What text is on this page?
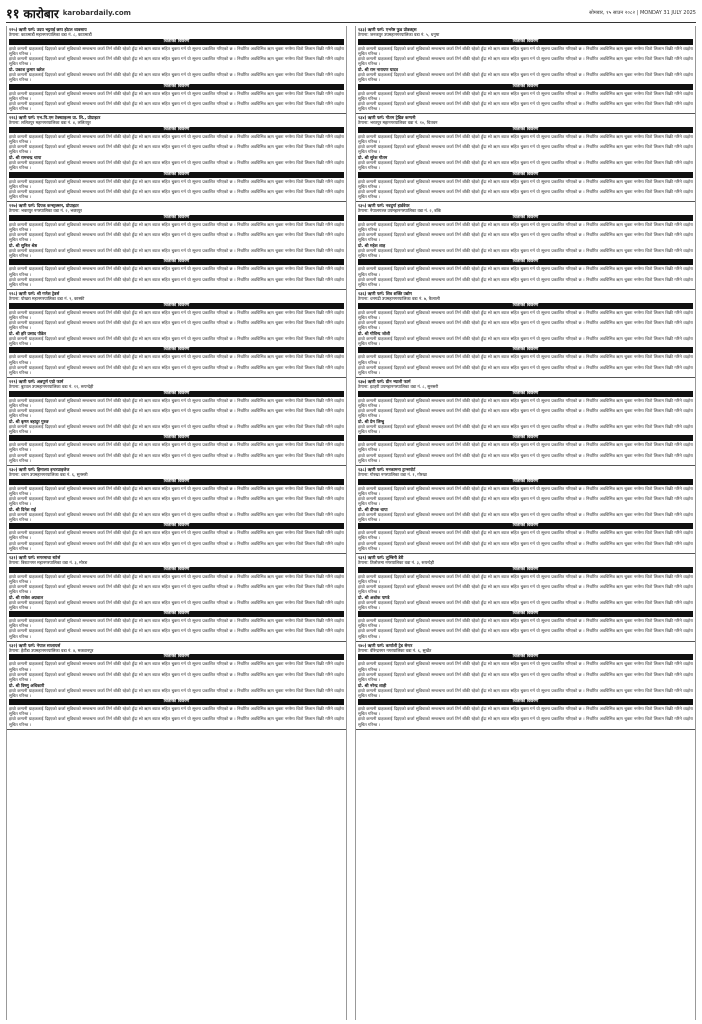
११ कारोबार karobardaily.com	सोमबार, १५ साउन २०८२ | MONDAY 31 JULY 2025
१२५) ऋणी फर्म: उदय भट्टराई छाप होटल व्यवसाय
ठेगाना: काठमाडौं महानगरपालिका वडा नं. ८, काठमाडौं
धितोको विवरण

हाम्रो कम्पनी ग्राहकलाई दिइएको कर्जा सुविधाको सम्बन्धमा कर्जा तिर्न बाँकी रहेको हुँदा सो ऋण ब्याज सहित चुक्ता गर्न यो सूचना प्रकाशित गरिएको छ । निर्धारित अवधिभित्र ऋण चुक्ता नगरेमा धितो लिलाम बिक्री गरिने व्यहोरा सूचित गरिन्छ ।

हाम्रो कम्पनी ग्राहकलाई दिइएको कर्जा सुविधाको सम्बन्धमा कर्जा तिर्न बाँकी रहेको हुँदा सो ऋण ब्याज सहित चुक्ता गर्न यो सूचना प्रकाशित गरिएको छ । निर्धारित अवधिभित्र ऋण चुक्ता नगरेमा धितो लिलाम बिक्री गरिने व्यहोरा सूचित गरिन्छ ।

प्रो. प्रकाश कुमार खरेल

हाम्रो कम्पनी ग्राहकलाई दिइएको कर्जा सुविधाको सम्बन्धमा कर्जा तिर्न बाँकी रहेको हुँदा सो ऋण ब्याज सहित चुक्ता गर्न यो सूचना प्रकाशित गरिएको छ । निर्धारित अवधिभित्र ऋण चुक्ता नगरेमा धितो लिलाम बिक्री गरिने व्यहोरा सूचित गरिन्छ ।

धितोको विवरण

हाम्रो कम्पनी ग्राहकलाई दिइएको कर्जा सुविधाको सम्बन्धमा कर्जा तिर्न बाँकी रहेको हुँदा सो ऋण ब्याज सहित चुक्ता गर्न यो सूचना प्रकाशित गरिएको छ । निर्धारित अवधिभित्र ऋण चुक्ता नगरेमा धितो लिलाम बिक्री गरिने व्यहोरा सूचित गरिन्छ ।

हाम्रो कम्पनी ग्राहकलाई दिइएको कर्जा सुविधाको सम्बन्धमा कर्जा तिर्न बाँकी रहेको हुँदा सो ऋण ब्याज सहित चुक्ता गर्न यो सूचना प्रकाशित गरिएको छ । निर्धारित अवधिभित्र ऋण चुक्ता नगरेमा धितो लिलाम बिक्री गरिने व्यहोरा सूचित गरिन्छ ।

१२६) ऋणी फर्म: एभ.पि.एम टेक्स्टाइल्स प्रा. लि., प्रोप्राइटर
ठेगाना: ललितपुर महानगरपालिका वडा नं. ४, ललितपुर
धितोको विवरण

हाम्रो कम्पनी ग्राहकलाई दिइएको कर्जा सुविधाको सम्बन्धमा कर्जा तिर्न बाँकी रहेको हुँदा सो ऋण ब्याज सहित चुक्ता गर्न यो सूचना प्रकाशित गरिएको छ । निर्धारित अवधिभित्र ऋण चुक्ता नगरेमा धितो लिलाम बिक्री गरिने व्यहोरा सूचित गरिन्छ ।

हाम्रो कम्पनी ग्राहकलाई दिइएको कर्जा सुविधाको सम्बन्धमा कर्जा तिर्न बाँकी रहेको हुँदा सो ऋण ब्याज सहित चुक्ता गर्न यो सूचना प्रकाशित गरिएको छ । निर्धारित अवधिभित्र ऋण चुक्ता नगरेमा धितो लिलाम बिक्री गरिने व्यहोरा सूचित गरिन्छ ।

प्रो. श्री रामचन्द्र थापा

हाम्रो कम्पनी ग्राहकलाई दिइएको कर्जा सुविधाको सम्बन्धमा कर्जा तिर्न बाँकी रहेको हुँदा सो ऋण ब्याज सहित चुक्ता गर्न यो सूचना प्रकाशित गरिएको छ । निर्धारित अवधिभित्र ऋण चुक्ता नगरेमा धितो लिलाम बिक्री गरिने व्यहोरा सूचित गरिन्छ ।

धितोको विवरण

हाम्रो कम्पनी ग्राहकलाई दिइएको कर्जा सुविधाको सम्बन्धमा कर्जा तिर्न बाँकी रहेको हुँदा सो ऋण ब्याज सहित चुक्ता गर्न यो सूचना प्रकाशित गरिएको छ । निर्धारित अवधिभित्र ऋण चुक्ता नगरेमा धितो लिलाम बिक्री गरिने व्यहोरा सूचित गरिन्छ ।

हाम्रो कम्पनी ग्राहकलाई दिइएको कर्जा सुविधाको सम्बन्धमा कर्जा तिर्न बाँकी रहेको हुँदा सो ऋण ब्याज सहित चुक्ता गर्न यो सूचना प्रकाशित गरिएको छ । निर्धारित अवधिभित्र ऋण चुक्ता नगरेमा धितो लिलाम बिक्री गरिने व्यहोरा सूचित गरिन्छ ।

१२७) ऋणी फर्म: दिपक कन्स्ट्रक्सन, प्रोप्राइटर
ठेगाना: भक्तपुर नगरपालिका वडा नं. २, भक्तपुर
धितोको विवरण

हाम्रो कम्पनी ग्राहकलाई दिइएको कर्जा सुविधाको सम्बन्धमा कर्जा तिर्न बाँकी रहेको हुँदा सो ऋण ब्याज सहित चुक्ता गर्न यो सूचना प्रकाशित गरिएको छ । निर्धारित अवधिभित्र ऋण चुक्ता नगरेमा धितो लिलाम बिक्री गरिने व्यहोरा सूचित गरिन्छ ।

हाम्रो कम्पनी ग्राहकलाई दिइएको कर्जा सुविधाको सम्बन्धमा कर्जा तिर्न बाँकी रहेको हुँदा सो ऋण ब्याज सहित चुक्ता गर्न यो सूचना प्रकाशित गरिएको छ । निर्धारित अवधिभित्र ऋण चुक्ता नगरेमा धितो लिलाम बिक्री गरिने व्यहोरा सूचित गरिन्छ ।

प्रो. श्री सुनिल श्रेष्ठ

हाम्रो कम्पनी ग्राहकलाई दिइएको कर्जा सुविधाको सम्बन्धमा कर्जा तिर्न बाँकी रहेको हुँदा सो ऋण ब्याज सहित चुक्ता गर्न यो सूचना प्रकाशित गरिएको छ । निर्धारित अवधिभित्र ऋण चुक्ता नगरेमा धितो लिलाम बिक्री गरिने व्यहोरा सूचित गरिन्छ ।

धितोको विवरण

हाम्रो कम्पनी ग्राहकलाई दिइएको कर्जा सुविधाको सम्बन्धमा कर्जा तिर्न बाँकी रहेको हुँदा सो ऋण ब्याज सहित चुक्ता गर्न यो सूचना प्रकाशित गरिएको छ । निर्धारित अवधिभित्र ऋण चुक्ता नगरेमा धितो लिलाम बिक्री गरिने व्यहोरा सूचित गरिन्छ ।

हाम्रो कम्पनी ग्राहकलाई दिइएको कर्जा सुविधाको सम्बन्धमा कर्जा तिर्न बाँकी रहेको हुँदा सो ऋण ब्याज सहित चुक्ता गर्न यो सूचना प्रकाशित गरिएको छ । निर्धारित अवधिभित्र ऋण चुक्ता नगरेमा धितो लिलाम बिक्री गरिने व्यहोरा सूचित गरिन्छ ।

१२८) ऋणी फर्म: श्री गणेश ट्रेडर्स
ठेगाना: पोखरा महानगरपालिका वडा नं. ९, कास्की
धितोको विवरण

हाम्रो कम्पनी ग्राहकलाई दिइएको कर्जा सुविधाको सम्बन्धमा कर्जा तिर्न बाँकी रहेको हुँदा सो ऋण ब्याज सहित चुक्ता गर्न यो सूचना प्रकाशित गरिएको छ । निर्धारित अवधिभित्र ऋण चुक्ता नगरेमा धितो लिलाम बिक्री गरिने व्यहोरा सूचित गरिन्छ ।

हाम्रो कम्पनी ग्राहकलाई दिइएको कर्जा सुविधाको सम्बन्धमा कर्जा तिर्न बाँकी रहेको हुँदा सो ऋण ब्याज सहित चुक्ता गर्न यो सूचना प्रकाशित गरिएको छ । निर्धारित अवधिभित्र ऋण चुक्ता नगरेमा धितो लिलाम बिक्री गरिने व्यहोरा सूचित गरिन्छ ।

प्रो. श्री हरि प्रसाद पौडेल

हाम्रो कम्पनी ग्राहकलाई दिइएको कर्जा सुविधाको सम्बन्धमा कर्जा तिर्न बाँकी रहेको हुँदा सो ऋण ब्याज सहित चुक्ता गर्न यो सूचना प्रकाशित गरिएको छ । निर्धारित अवधिभित्र ऋण चुक्ता नगरेमा धितो लिलाम बिक्री गरिने व्यहोरा सूचित गरिन्छ ।

धितोको विवरण

हाम्रो कम्पनी ग्राहकलाई दिइएको कर्जा सुविधाको सम्बन्धमा कर्जा तिर्न बाँकी रहेको हुँदा सो ऋण ब्याज सहित चुक्ता गर्न यो सूचना प्रकाशित गरिएको छ । निर्धारित अवधिभित्र ऋण चुक्ता नगरेमा धितो लिलाम बिक्री गरिने व्यहोरा सूचित गरिन्छ ।

हाम्रो कम्पनी ग्राहकलाई दिइएको कर्जा सुविधाको सम्बन्धमा कर्जा तिर्न बाँकी रहेको हुँदा सो ऋण ब्याज सहित चुक्ता गर्न यो सूचना प्रकाशित गरिएको छ । निर्धारित अवधिभित्र ऋण चुक्ता नगरेमा धितो लिलाम बिक्री गरिने व्यहोरा सूचित गरिन्छ ।

१२९) ऋणी फर्म: अन्नपूर्ण एग्रो फार्म
ठेगाना: बुटवल उपमहानगरपालिका वडा नं. ११, रूपन्देही
धितोको विवरण

हाम्रो कम्पनी ग्राहकलाई दिइएको कर्जा सुविधाको सम्बन्धमा कर्जा तिर्न बाँकी रहेको हुँदा सो ऋण ब्याज सहित चुक्ता गर्न यो सूचना प्रकाशित गरिएको छ । निर्धारित अवधिभित्र ऋण चुक्ता नगरेमा धितो लिलाम बिक्री गरिने व्यहोरा सूचित गरिन्छ ।

हाम्रो कम्पनी ग्राहकलाई दिइएको कर्जा सुविधाको सम्बन्धमा कर्जा तिर्न बाँकी रहेको हुँदा सो ऋण ब्याज सहित चुक्ता गर्न यो सूचना प्रकाशित गरिएको छ । निर्धारित अवधिभित्र ऋण चुक्ता नगरेमा धितो लिलाम बिक्री गरिने व्यहोरा सूचित गरिन्छ ।

प्रो. श्री कृष्ण बहादुर गुरुङ

हाम्रो कम्पनी ग्राहकलाई दिइएको कर्जा सुविधाको सम्बन्धमा कर्जा तिर्न बाँकी रहेको हुँदा सो ऋण ब्याज सहित चुक्ता गर्न यो सूचना प्रकाशित गरिएको छ । निर्धारित अवधिभित्र ऋण चुक्ता नगरेमा धितो लिलाम बिक्री गरिने व्यहोरा सूचित गरिन्छ ।

धितोको विवरण

हाम्रो कम्पनी ग्राहकलाई दिइएको कर्जा सुविधाको सम्बन्धमा कर्जा तिर्न बाँकी रहेको हुँदा सो ऋण ब्याज सहित चुक्ता गर्न यो सूचना प्रकाशित गरिएको छ । निर्धारित अवधिभित्र ऋण चुक्ता नगरेमा धितो लिलाम बिक्री गरिने व्यहोरा सूचित गरिन्छ ।

हाम्रो कम्पनी ग्राहकलाई दिइएको कर्जा सुविधाको सम्बन्धमा कर्जा तिर्न बाँकी रहेको हुँदा सो ऋण ब्याज सहित चुक्ता गर्न यो सूचना प्रकाशित गरिएको छ । निर्धारित अवधिभित्र ऋण चुक्ता नगरेमा धितो लिलाम बिक्री गरिने व्यहोरा सूचित गरिन्छ ।

१३०) ऋणी फर्म: हिमालय इन्टरप्राइजेज
ठेगाना: धरान उपमहानगरपालिका वडा नं. ६, सुनसरी
धितोको विवरण

हाम्रो कम्पनी ग्राहकलाई दिइएको कर्जा सुविधाको सम्बन्धमा कर्जा तिर्न बाँकी रहेको हुँदा सो ऋण ब्याज सहित चुक्ता गर्न यो सूचना प्रकाशित गरिएको छ । निर्धारित अवधिभित्र ऋण चुक्ता नगरेमा धितो लिलाम बिक्री गरिने व्यहोरा सूचित गरिन्छ ।

हाम्रो कम्पनी ग्राहकलाई दिइएको कर्जा सुविधाको सम्बन्धमा कर्जा तिर्न बाँकी रहेको हुँदा सो ऋण ब्याज सहित चुक्ता गर्न यो सूचना प्रकाशित गरिएको छ । निर्धारित अवधिभित्र ऋण चुक्ता नगरेमा धितो लिलाम बिक्री गरिने व्यहोरा सूचित गरिन्छ ।

प्रो. श्री दिनेश राई

हाम्रो कम्पनी ग्राहकलाई दिइएको कर्जा सुविधाको सम्बन्धमा कर्जा तिर्न बाँकी रहेको हुँदा सो ऋण ब्याज सहित चुक्ता गर्न यो सूचना प्रकाशित गरिएको छ । निर्धारित अवधिभित्र ऋण चुक्ता नगरेमा धितो लिलाम बिक्री गरिने व्यहोरा सूचित गरिन्छ ।

धितोको विवरण

हाम्रो कम्पनी ग्राहकलाई दिइएको कर्जा सुविधाको सम्बन्धमा कर्जा तिर्न बाँकी रहेको हुँदा सो ऋण ब्याज सहित चुक्ता गर्न यो सूचना प्रकाशित गरिएको छ । निर्धारित अवधिभित्र ऋण चुक्ता नगरेमा धितो लिलाम बिक्री गरिने व्यहोरा सूचित गरिन्छ ।

हाम्रो कम्पनी ग्राहकलाई दिइएको कर्जा सुविधाको सम्बन्धमा कर्जा तिर्न बाँकी रहेको हुँदा सो ऋण ब्याज सहित चुक्ता गर्न यो सूचना प्रकाशित गरिएको छ । निर्धारित अवधिभित्र ऋण चुक्ता नगरेमा धितो लिलाम बिक्री गरिने व्यहोरा सूचित गरिन्छ ।

१३१) ऋणी फर्म: सगरमाथा स्टोर्स
ठेगाना: बिराटनगर महानगरपालिका वडा नं. ३, मोरङ
धितोको विवरण

हाम्रो कम्पनी ग्राहकलाई दिइएको कर्जा सुविधाको सम्बन्धमा कर्जा तिर्न बाँकी रहेको हुँदा सो ऋण ब्याज सहित चुक्ता गर्न यो सूचना प्रकाशित गरिएको छ । निर्धारित अवधिभित्र ऋण चुक्ता नगरेमा धितो लिलाम बिक्री गरिने व्यहोरा सूचित गरिन्छ ।

हाम्रो कम्पनी ग्राहकलाई दिइएको कर्जा सुविधाको सम्बन्धमा कर्जा तिर्न बाँकी रहेको हुँदा सो ऋण ब्याज सहित चुक्ता गर्न यो सूचना प्रकाशित गरिएको छ । निर्धारित अवधिभित्र ऋण चुक्ता नगरेमा धितो लिलाम बिक्री गरिने व्यहोरा सूचित गरिन्छ ।

प्रो. श्री राजेश अग्रवाल

हाम्रो कम्पनी ग्राहकलाई दिइएको कर्जा सुविधाको सम्बन्धमा कर्जा तिर्न बाँकी रहेको हुँदा सो ऋण ब्याज सहित चुक्ता गर्न यो सूचना प्रकाशित गरिएको छ । निर्धारित अवधिभित्र ऋण चुक्ता नगरेमा धितो लिलाम बिक्री गरिने व्यहोरा सूचित गरिन्छ ।

धितोको विवरण

हाम्रो कम्पनी ग्राहकलाई दिइएको कर्जा सुविधाको सम्बन्धमा कर्जा तिर्न बाँकी रहेको हुँदा सो ऋण ब्याज सहित चुक्ता गर्न यो सूचना प्रकाशित गरिएको छ । निर्धारित अवधिभित्र ऋण चुक्ता नगरेमा धितो लिलाम बिक्री गरिने व्यहोरा सूचित गरिन्छ ।

हाम्रो कम्पनी ग्राहकलाई दिइएको कर्जा सुविधाको सम्बन्धमा कर्जा तिर्न बाँकी रहेको हुँदा सो ऋण ब्याज सहित चुक्ता गर्न यो सूचना प्रकाशित गरिएको छ । निर्धारित अवधिभित्र ऋण चुक्ता नगरेमा धितो लिलाम बिक्री गरिने व्यहोरा सूचित गरिन्छ ।

१३२) ऋणी फर्म: नेपाल सप्लायर्स
ठेगाना: हेटौंडा उपमहानगरपालिका वडा नं. ४, मकवानपुर
धितोको विवरण

हाम्रो कम्पनी ग्राहकलाई दिइएको कर्जा सुविधाको सम्बन्धमा कर्जा तिर्न बाँकी रहेको हुँदा सो ऋण ब्याज सहित चुक्ता गर्न यो सूचना प्रकाशित गरिएको छ । निर्धारित अवधिभित्र ऋण चुक्ता नगरेमा धितो लिलाम बिक्री गरिने व्यहोरा सूचित गरिन्छ ।

हाम्रो कम्पनी ग्राहकलाई दिइएको कर्जा सुविधाको सम्बन्धमा कर्जा तिर्न बाँकी रहेको हुँदा सो ऋण ब्याज सहित चुक्ता गर्न यो सूचना प्रकाशित गरिएको छ । निर्धारित अवधिभित्र ऋण चुक्ता नगरेमा धितो लिलाम बिक्री गरिने व्यहोरा सूचित गरिन्छ ।

प्रो. श्री विष्णु अधिकारी

हाम्रो कम्पनी ग्राहकलाई दिइएको कर्जा सुविधाको सम्बन्धमा कर्जा तिर्न बाँकी रहेको हुँदा सो ऋण ब्याज सहित चुक्ता गर्न यो सूचना प्रकाशित गरिएको छ । निर्धारित अवधिभित्र ऋण चुक्ता नगरेमा धितो लिलाम बिक्री गरिने व्यहोरा सूचित गरिन्छ ।

धितोको विवरण

हाम्रो कम्पनी ग्राहकलाई दिइएको कर्जा सुविधाको सम्बन्धमा कर्जा तिर्न बाँकी रहेको हुँदा सो ऋण ब्याज सहित चुक्ता गर्न यो सूचना प्रकाशित गरिएको छ । निर्धारित अवधिभित्र ऋण चुक्ता नगरेमा धितो लिलाम बिक्री गरिने व्यहोरा सूचित गरिन्छ ।

हाम्रो कम्पनी ग्राहकलाई दिइएको कर्जा सुविधाको सम्बन्धमा कर्जा तिर्न बाँकी रहेको हुँदा सो ऋण ब्याज सहित चुक्ता गर्न यो सूचना प्रकाशित गरिएको छ । निर्धारित अवधिभित्र ऋण चुक्ता नगरेमा धितो लिलाम बिक्री गरिने व्यहोरा सूचित गरिन्छ ।

१३३) ऋणी फर्म: एभरेष्ट फुड प्रोडक्ट्स
ठेगाना: जनकपुर उपमहानगरपालिका वडा नं. ५, धनुषा
धितोको विवरण

हाम्रो कम्पनी ग्राहकलाई दिइएको कर्जा सुविधाको सम्बन्धमा कर्जा तिर्न बाँकी रहेको हुँदा सो ऋण ब्याज सहित चुक्ता गर्न यो सूचना प्रकाशित गरिएको छ । निर्धारित अवधिभित्र ऋण चुक्ता नगरेमा धितो लिलाम बिक्री गरिने व्यहोरा सूचित गरिन्छ ।

हाम्रो कम्पनी ग्राहकलाई दिइएको कर्जा सुविधाको सम्बन्धमा कर्जा तिर्न बाँकी रहेको हुँदा सो ऋण ब्याज सहित चुक्ता गर्न यो सूचना प्रकाशित गरिएको छ । निर्धारित अवधिभित्र ऋण चुक्ता नगरेमा धितो लिलाम बिक्री गरिने व्यहोरा सूचित गरिन्छ ।

प्रो. श्री राम नारायण यादव

हाम्रो कम्पनी ग्राहकलाई दिइएको कर्जा सुविधाको सम्बन्धमा कर्जा तिर्न बाँकी रहेको हुँदा सो ऋण ब्याज सहित चुक्ता गर्न यो सूचना प्रकाशित गरिएको छ । निर्धारित अवधिभित्र ऋण चुक्ता नगरेमा धितो लिलाम बिक्री गरिने व्यहोरा सूचित गरिन्छ ।

धितोको विवरण

हाम्रो कम्पनी ग्राहकलाई दिइएको कर्जा सुविधाको सम्बन्धमा कर्जा तिर्न बाँकी रहेको हुँदा सो ऋण ब्याज सहित चुक्ता गर्न यो सूचना प्रकाशित गरिएको छ । निर्धारित अवधिभित्र ऋण चुक्ता नगरेमा धितो लिलाम बिक्री गरिने व्यहोरा सूचित गरिन्छ ।

हाम्रो कम्पनी ग्राहकलाई दिइएको कर्जा सुविधाको सम्बन्धमा कर्जा तिर्न बाँकी रहेको हुँदा सो ऋण ब्याज सहित चुक्ता गर्न यो सूचना प्रकाशित गरिएको छ । निर्धारित अवधिभित्र ऋण चुक्ता नगरेमा धितो लिलाम बिक्री गरिने व्यहोरा सूचित गरिन्छ ।

१३४) ऋणी फर्म: गौतम ट्रेडिङ कम्पनी
ठेगाना: भरतपुर महानगरपालिका वडा नं. १०, चितवन
धितोको विवरण

हाम्रो कम्पनी ग्राहकलाई दिइएको कर्जा सुविधाको सम्बन्धमा कर्जा तिर्न बाँकी रहेको हुँदा सो ऋण ब्याज सहित चुक्ता गर्न यो सूचना प्रकाशित गरिएको छ । निर्धारित अवधिभित्र ऋण चुक्ता नगरेमा धितो लिलाम बिक्री गरिने व्यहोरा सूचित गरिन्छ ।

हाम्रो कम्पनी ग्राहकलाई दिइएको कर्जा सुविधाको सम्बन्धमा कर्जा तिर्न बाँकी रहेको हुँदा सो ऋण ब्याज सहित चुक्ता गर्न यो सूचना प्रकाशित गरिएको छ । निर्धारित अवधिभित्र ऋण चुक्ता नगरेमा धितो लिलाम बिक्री गरिने व्यहोरा सूचित गरिन्छ ।

प्रो. श्री सुरेश गौतम

हाम्रो कम्पनी ग्राहकलाई दिइएको कर्जा सुविधाको सम्बन्धमा कर्जा तिर्न बाँकी रहेको हुँदा सो ऋण ब्याज सहित चुक्ता गर्न यो सूचना प्रकाशित गरिएको छ । निर्धारित अवधिभित्र ऋण चुक्ता नगरेमा धितो लिलाम बिक्री गरिने व्यहोरा सूचित गरिन्छ ।

धितोको विवरण

हाम्रो कम्पनी ग्राहकलाई दिइएको कर्जा सुविधाको सम्बन्धमा कर्जा तिर्न बाँकी रहेको हुँदा सो ऋण ब्याज सहित चुक्ता गर्न यो सूचना प्रकाशित गरिएको छ । निर्धारित अवधिभित्र ऋण चुक्ता नगरेमा धितो लिलाम बिक्री गरिने व्यहोरा सूचित गरिन्छ ।

हाम्रो कम्पनी ग्राहकलाई दिइएको कर्जा सुविधाको सम्बन्धमा कर्जा तिर्न बाँकी रहेको हुँदा सो ऋण ब्याज सहित चुक्ता गर्न यो सूचना प्रकाशित गरिएको छ । निर्धारित अवधिभित्र ऋण चुक्ता नगरेमा धितो लिलाम बिक्री गरिने व्यहोरा सूचित गरिन्छ ।

१३५) ऋणी फर्म: नवदुर्गा हार्डवेयर
ठेगाना: नेपालगञ्ज उपमहानगरपालिका वडा नं. २, बाँके
धितोको विवरण

हाम्रो कम्पनी ग्राहकलाई दिइएको कर्जा सुविधाको सम्बन्धमा कर्जा तिर्न बाँकी रहेको हुँदा सो ऋण ब्याज सहित चुक्ता गर्न यो सूचना प्रकाशित गरिएको छ । निर्धारित अवधिभित्र ऋण चुक्ता नगरेमा धितो लिलाम बिक्री गरिने व्यहोरा सूचित गरिन्छ ।

हाम्रो कम्पनी ग्राहकलाई दिइएको कर्जा सुविधाको सम्बन्धमा कर्जा तिर्न बाँकी रहेको हुँदा सो ऋण ब्याज सहित चुक्ता गर्न यो सूचना प्रकाशित गरिएको छ । निर्धारित अवधिभित्र ऋण चुक्ता नगरेमा धितो लिलाम बिक्री गरिने व्यहोरा सूचित गरिन्छ ।

प्रो. श्री महेश शाह

हाम्रो कम्पनी ग्राहकलाई दिइएको कर्जा सुविधाको सम्बन्धमा कर्जा तिर्न बाँकी रहेको हुँदा सो ऋण ब्याज सहित चुक्ता गर्न यो सूचना प्रकाशित गरिएको छ । निर्धारित अवधिभित्र ऋण चुक्ता नगरेमा धितो लिलाम बिक्री गरिने व्यहोरा सूचित गरिन्छ ।

धितोको विवरण

हाम्रो कम्पनी ग्राहकलाई दिइएको कर्जा सुविधाको सम्बन्धमा कर्जा तिर्न बाँकी रहेको हुँदा सो ऋण ब्याज सहित चुक्ता गर्न यो सूचना प्रकाशित गरिएको छ । निर्धारित अवधिभित्र ऋण चुक्ता नगरेमा धितो लिलाम बिक्री गरिने व्यहोरा सूचित गरिन्छ ।

हाम्रो कम्पनी ग्राहकलाई दिइएको कर्जा सुविधाको सम्बन्धमा कर्जा तिर्न बाँकी रहेको हुँदा सो ऋण ब्याज सहित चुक्ता गर्न यो सूचना प्रकाशित गरिएको छ । निर्धारित अवधिभित्र ऋण चुक्ता नगरेमा धितो लिलाम बिक्री गरिने व्यहोरा सूचित गरिन्छ ।

१३६) ऋणी फर्म: शिव शक्ति उद्योग
ठेगाना: धनगढी उपमहानगरपालिका वडा नं. ७, कैलाली
धितोको विवरण

हाम्रो कम्पनी ग्राहकलाई दिइएको कर्जा सुविधाको सम्बन्धमा कर्जा तिर्न बाँकी रहेको हुँदा सो ऋण ब्याज सहित चुक्ता गर्न यो सूचना प्रकाशित गरिएको छ । निर्धारित अवधिभित्र ऋण चुक्ता नगरेमा धितो लिलाम बिक्री गरिने व्यहोरा सूचित गरिन्छ ।

हाम्रो कम्पनी ग्राहकलाई दिइएको कर्जा सुविधाको सम्बन्धमा कर्जा तिर्न बाँकी रहेको हुँदा सो ऋण ब्याज सहित चुक्ता गर्न यो सूचना प्रकाशित गरिएको छ । निर्धारित अवधिभित्र ऋण चुक्ता नगरेमा धितो लिलाम बिक्री गरिने व्यहोरा सूचित गरिन्छ ।

प्रो. श्री गोविन्द जोशी

हाम्रो कम्पनी ग्राहकलाई दिइएको कर्जा सुविधाको सम्बन्धमा कर्जा तिर्न बाँकी रहेको हुँदा सो ऋण ब्याज सहित चुक्ता गर्न यो सूचना प्रकाशित गरिएको छ । निर्धारित अवधिभित्र ऋण चुक्ता नगरेमा धितो लिलाम बिक्री गरिने व्यहोरा सूचित गरिन्छ ।

धितोको विवरण

हाम्रो कम्पनी ग्राहकलाई दिइएको कर्जा सुविधाको सम्बन्धमा कर्जा तिर्न बाँकी रहेको हुँदा सो ऋण ब्याज सहित चुक्ता गर्न यो सूचना प्रकाशित गरिएको छ । निर्धारित अवधिभित्र ऋण चुक्ता नगरेमा धितो लिलाम बिक्री गरिने व्यहोरा सूचित गरिन्छ ।

हाम्रो कम्पनी ग्राहकलाई दिइएको कर्जा सुविधाको सम्बन्धमा कर्जा तिर्न बाँकी रहेको हुँदा सो ऋण ब्याज सहित चुक्ता गर्न यो सूचना प्रकाशित गरिएको छ । निर्धारित अवधिभित्र ऋण चुक्ता नगरेमा धितो लिलाम बिक्री गरिने व्यहोरा सूचित गरिन्छ ।

१३७) ऋणी फर्म: ग्रीन भ्याली फार्म
ठेगाना: इटहरी उपमहानगरपालिका वडा नं. ८, सुनसरी
धितोको विवरण

हाम्रो कम्पनी ग्राहकलाई दिइएको कर्जा सुविधाको सम्बन्धमा कर्जा तिर्न बाँकी रहेको हुँदा सो ऋण ब्याज सहित चुक्ता गर्न यो सूचना प्रकाशित गरिएको छ । निर्धारित अवधिभित्र ऋण चुक्ता नगरेमा धितो लिलाम बिक्री गरिने व्यहोरा सूचित गरिन्छ ।

हाम्रो कम्पनी ग्राहकलाई दिइएको कर्जा सुविधाको सम्बन्धमा कर्जा तिर्न बाँकी रहेको हुँदा सो ऋण ब्याज सहित चुक्ता गर्न यो सूचना प्रकाशित गरिएको छ । निर्धारित अवधिभित्र ऋण चुक्ता नगरेमा धितो लिलाम बिक्री गरिने व्यहोरा सूचित गरिन्छ ।

प्रो. श्री प्रेम लिम्बु

हाम्रो कम्पनी ग्राहकलाई दिइएको कर्जा सुविधाको सम्बन्धमा कर्जा तिर्न बाँकी रहेको हुँदा सो ऋण ब्याज सहित चुक्ता गर्न यो सूचना प्रकाशित गरिएको छ । निर्धारित अवधिभित्र ऋण चुक्ता नगरेमा धितो लिलाम बिक्री गरिने व्यहोरा सूचित गरिन्छ ।

धितोको विवरण

हाम्रो कम्पनी ग्राहकलाई दिइएको कर्जा सुविधाको सम्बन्धमा कर्जा तिर्न बाँकी रहेको हुँदा सो ऋण ब्याज सहित चुक्ता गर्न यो सूचना प्रकाशित गरिएको छ । निर्धारित अवधिभित्र ऋण चुक्ता नगरेमा धितो लिलाम बिक्री गरिने व्यहोरा सूचित गरिन्छ ।

हाम्रो कम्पनी ग्राहकलाई दिइएको कर्जा सुविधाको सम्बन्धमा कर्जा तिर्न बाँकी रहेको हुँदा सो ऋण ब्याज सहित चुक्ता गर्न यो सूचना प्रकाशित गरिएको छ । निर्धारित अवधिभित्र ऋण चुक्ता नगरेमा धितो लिलाम बिक्री गरिने व्यहोरा सूचित गरिन्छ ।

१३८) ऋणी फर्म: मनकामना ट्रान्सपोर्ट
ठेगाना: गोरखा नगरपालिका वडा नं. १, गोरखा
धितोको विवरण

हाम्रो कम्पनी ग्राहकलाई दिइएको कर्जा सुविधाको सम्बन्धमा कर्जा तिर्न बाँकी रहेको हुँदा सो ऋण ब्याज सहित चुक्ता गर्न यो सूचना प्रकाशित गरिएको छ । निर्धारित अवधिभित्र ऋण चुक्ता नगरेमा धितो लिलाम बिक्री गरिने व्यहोरा सूचित गरिन्छ ।

हाम्रो कम्पनी ग्राहकलाई दिइएको कर्जा सुविधाको सम्बन्धमा कर्जा तिर्न बाँकी रहेको हुँदा सो ऋण ब्याज सहित चुक्ता गर्न यो सूचना प्रकाशित गरिएको छ । निर्धारित अवधिभित्र ऋण चुक्ता नगरेमा धितो लिलाम बिक्री गरिने व्यहोरा सूचित गरिन्छ ।

प्रो. श्री दीपक थापा

हाम्रो कम्पनी ग्राहकलाई दिइएको कर्जा सुविधाको सम्बन्धमा कर्जा तिर्न बाँकी रहेको हुँदा सो ऋण ब्याज सहित चुक्ता गर्न यो सूचना प्रकाशित गरिएको छ । निर्धारित अवधिभित्र ऋण चुक्ता नगरेमा धितो लिलाम बिक्री गरिने व्यहोरा सूचित गरिन्छ ।

धितोको विवरण

हाम्रो कम्पनी ग्राहकलाई दिइएको कर्जा सुविधाको सम्बन्धमा कर्जा तिर्न बाँकी रहेको हुँदा सो ऋण ब्याज सहित चुक्ता गर्न यो सूचना प्रकाशित गरिएको छ । निर्धारित अवधिभित्र ऋण चुक्ता नगरेमा धितो लिलाम बिक्री गरिने व्यहोरा सूचित गरिन्छ ।

हाम्रो कम्पनी ग्राहकलाई दिइएको कर्जा सुविधाको सम्बन्धमा कर्जा तिर्न बाँकी रहेको हुँदा सो ऋण ब्याज सहित चुक्ता गर्न यो सूचना प्रकाशित गरिएको छ । निर्धारित अवधिभित्र ऋण चुक्ता नगरेमा धितो लिलाम बिक्री गरिने व्यहोरा सूचित गरिन्छ ।

१३९) ऋणी फर्म: लुम्बिनी डेरी
ठेगाना: तिलोत्तमा नगरपालिका वडा नं. ३, रूपन्देही
धितोको विवरण

हाम्रो कम्पनी ग्राहकलाई दिइएको कर्जा सुविधाको सम्बन्धमा कर्जा तिर्न बाँकी रहेको हुँदा सो ऋण ब्याज सहित चुक्ता गर्न यो सूचना प्रकाशित गरिएको छ । निर्धारित अवधिभित्र ऋण चुक्ता नगरेमा धितो लिलाम बिक्री गरिने व्यहोरा सूचित गरिन्छ ।

हाम्रो कम्पनी ग्राहकलाई दिइएको कर्जा सुविधाको सम्बन्धमा कर्जा तिर्न बाँकी रहेको हुँदा सो ऋण ब्याज सहित चुक्ता गर्न यो सूचना प्रकाशित गरिएको छ । निर्धारित अवधिभित्र ऋण चुक्ता नगरेमा धितो लिलाम बिक्री गरिने व्यहोरा सूचित गरिन्छ ।

प्रो. श्री अशोक पाण्डे

हाम्रो कम्पनी ग्राहकलाई दिइएको कर्जा सुविधाको सम्बन्धमा कर्जा तिर्न बाँकी रहेको हुँदा सो ऋण ब्याज सहित चुक्ता गर्न यो सूचना प्रकाशित गरिएको छ । निर्धारित अवधिभित्र ऋण चुक्ता नगरेमा धितो लिलाम बिक्री गरिने व्यहोरा सूचित गरिन्छ ।

धितोको विवरण

हाम्रो कम्पनी ग्राहकलाई दिइएको कर्जा सुविधाको सम्बन्धमा कर्जा तिर्न बाँकी रहेको हुँदा सो ऋण ब्याज सहित चुक्ता गर्न यो सूचना प्रकाशित गरिएको छ । निर्धारित अवधिभित्र ऋण चुक्ता नगरेमा धितो लिलाम बिक्री गरिने व्यहोरा सूचित गरिन्छ ।

हाम्रो कम्पनी ग्राहकलाई दिइएको कर्जा सुविधाको सम्बन्धमा कर्जा तिर्न बाँकी रहेको हुँदा सो ऋण ब्याज सहित चुक्ता गर्न यो सूचना प्रकाशित गरिएको छ । निर्धारित अवधिभित्र ऋण चुक्ता नगरेमा धितो लिलाम बिक्री गरिने व्यहोरा सूचित गरिन्छ ।

१४०) ऋणी फर्म: कर्णाली ट्रेड सेन्टर
ठेगाना: वीरेन्द्रनगर नगरपालिका वडा नं. ६, सुर्खेत
धितोको विवरण

हाम्रो कम्पनी ग्राहकलाई दिइएको कर्जा सुविधाको सम्बन्धमा कर्जा तिर्न बाँकी रहेको हुँदा सो ऋण ब्याज सहित चुक्ता गर्न यो सूचना प्रकाशित गरिएको छ । निर्धारित अवधिभित्र ऋण चुक्ता नगरेमा धितो लिलाम बिक्री गरिने व्यहोरा सूचित गरिन्छ ।

हाम्रो कम्पनी ग्राहकलाई दिइएको कर्जा सुविधाको सम्बन्धमा कर्जा तिर्न बाँकी रहेको हुँदा सो ऋण ब्याज सहित चुक्ता गर्न यो सूचना प्रकाशित गरिएको छ । निर्धारित अवधिभित्र ऋण चुक्ता नगरेमा धितो लिलाम बिक्री गरिने व्यहोरा सूचित गरिन्छ ।

प्रो. श्री नरेन्द्र शाही

हाम्रो कम्पनी ग्राहकलाई दिइएको कर्जा सुविधाको सम्बन्धमा कर्जा तिर्न बाँकी रहेको हुँदा सो ऋण ब्याज सहित चुक्ता गर्न यो सूचना प्रकाशित गरिएको छ । निर्धारित अवधिभित्र ऋण चुक्ता नगरेमा धितो लिलाम बिक्री गरिने व्यहोरा सूचित गरिन्छ ।

धितोको विवरण

हाम्रो कम्पनी ग्राहकलाई दिइएको कर्जा सुविधाको सम्बन्धमा कर्जा तिर्न बाँकी रहेको हुँदा सो ऋण ब्याज सहित चुक्ता गर्न यो सूचना प्रकाशित गरिएको छ । निर्धारित अवधिभित्र ऋण चुक्ता नगरेमा धितो लिलाम बिक्री गरिने व्यहोरा सूचित गरिन्छ ।

हाम्रो कम्पनी ग्राहकलाई दिइएको कर्जा सुविधाको सम्बन्धमा कर्जा तिर्न बाँकी रहेको हुँदा सो ऋण ब्याज सहित चुक्ता गर्न यो सूचना प्रकाशित गरिएको छ । निर्धारित अवधिभित्र ऋण चुक्ता नगरेमा धितो लिलाम बिक्री गरिने व्यहोरा सूचित गरिन्छ ।
